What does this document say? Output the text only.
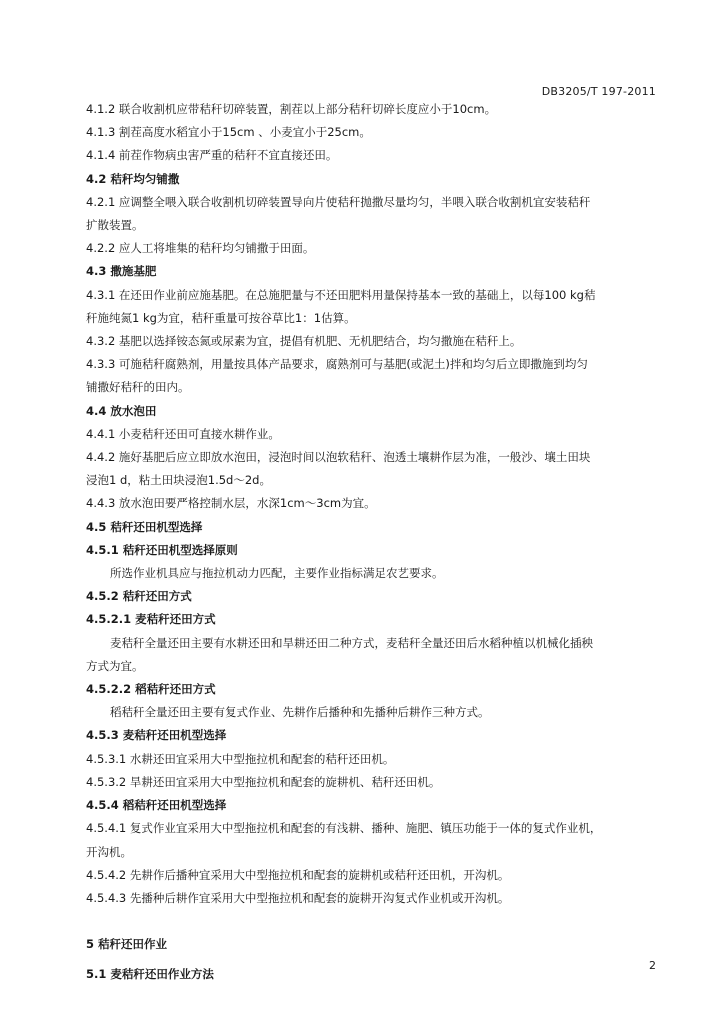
DB3205/T 197-2011
4.1.2 联合收割机应带秸秆切碎装置，割茬以上部分秸秆切碎长度应小于10cm。
4.1.3 割茬高度水稻宜小于15cm 、小麦宜小于25cm。
4.1.4 前茬作物病虫害严重的秸秆不宜直接还田。
4.2 秸秆均匀铺撒
4.2.1 应调整全喂入联合收割机切碎装置导向片使秸秆抛撒尽量均匀，半喂入联合收割机宜安装秸秆
扩散装置。
4.2.2 应人工将堆集的秸秆均匀铺撒于田面。
4.3 撒施基肥
4.3.1 在还田作业前应施基肥。在总施肥量与不还田肥料用量保持基本一致的基础上，以每100 kg秸
秆施纯氮1 kg为宜，秸秆重量可按谷草比1：1估算。
4.3.2 基肥以选择铵态氮或尿素为宜，提倡有机肥、无机肥结合，均匀撒施在秸秆上。
4.3.3 可施秸秆腐熟剂，用量按具体产品要求，腐熟剂可与基肥(或泥土)拌和均匀后立即撒施到均匀
铺撒好秸秆的田内。
4.4 放水泡田
4.4.1 小麦秸秆还田可直接水耕作业。
4.4.2 施好基肥后应立即放水泡田，浸泡时间以泡软秸秆、泡透土壤耕作层为准，一般沙、壤土田块
浸泡1 d，粘土田块浸泡1.5d～2d。
4.4.3 放水泡田要严格控制水层，水深1cm～3cm为宜。
4.5 秸秆还田机型选择
4.5.1 秸秆还田机型选择原则
所选作业机具应与拖拉机动力匹配，主要作业指标满足农艺要求。
4.5.2 秸秆还田方式
4.5.2.1 麦秸秆还田方式
麦秸秆全量还田主要有水耕还田和旱耕还田二种方式，麦秸秆全量还田后水稻种植以机械化插秧
方式为宜。
4.5.2.2 稻秸秆还田方式
稻秸秆全量还田主要有复式作业、先耕作后播种和先播种后耕作三种方式。
4.5.3 麦秸秆还田机型选择
4.5.3.1 水耕还田宜采用大中型拖拉机和配套的秸秆还田机。
4.5.3.2 旱耕还田宜采用大中型拖拉机和配套的旋耕机、秸秆还田机。
4.5.4 稻秸秆还田机型选择
4.5.4.1 复式作业宜采用大中型拖拉机和配套的有浅耕、播种、施肥、镇压功能于一体的复式作业机，
开沟机。
4.5.4.2 先耕作后播种宜采用大中型拖拉机和配套的旋耕机或秸秆还田机，开沟机。
4.5.4.3 先播种后耕作宜采用大中型拖拉机和配套的旋耕开沟复式作业机或开沟机。
5 秸秆还田作业
5.1 麦秸秆还田作业方法
2
